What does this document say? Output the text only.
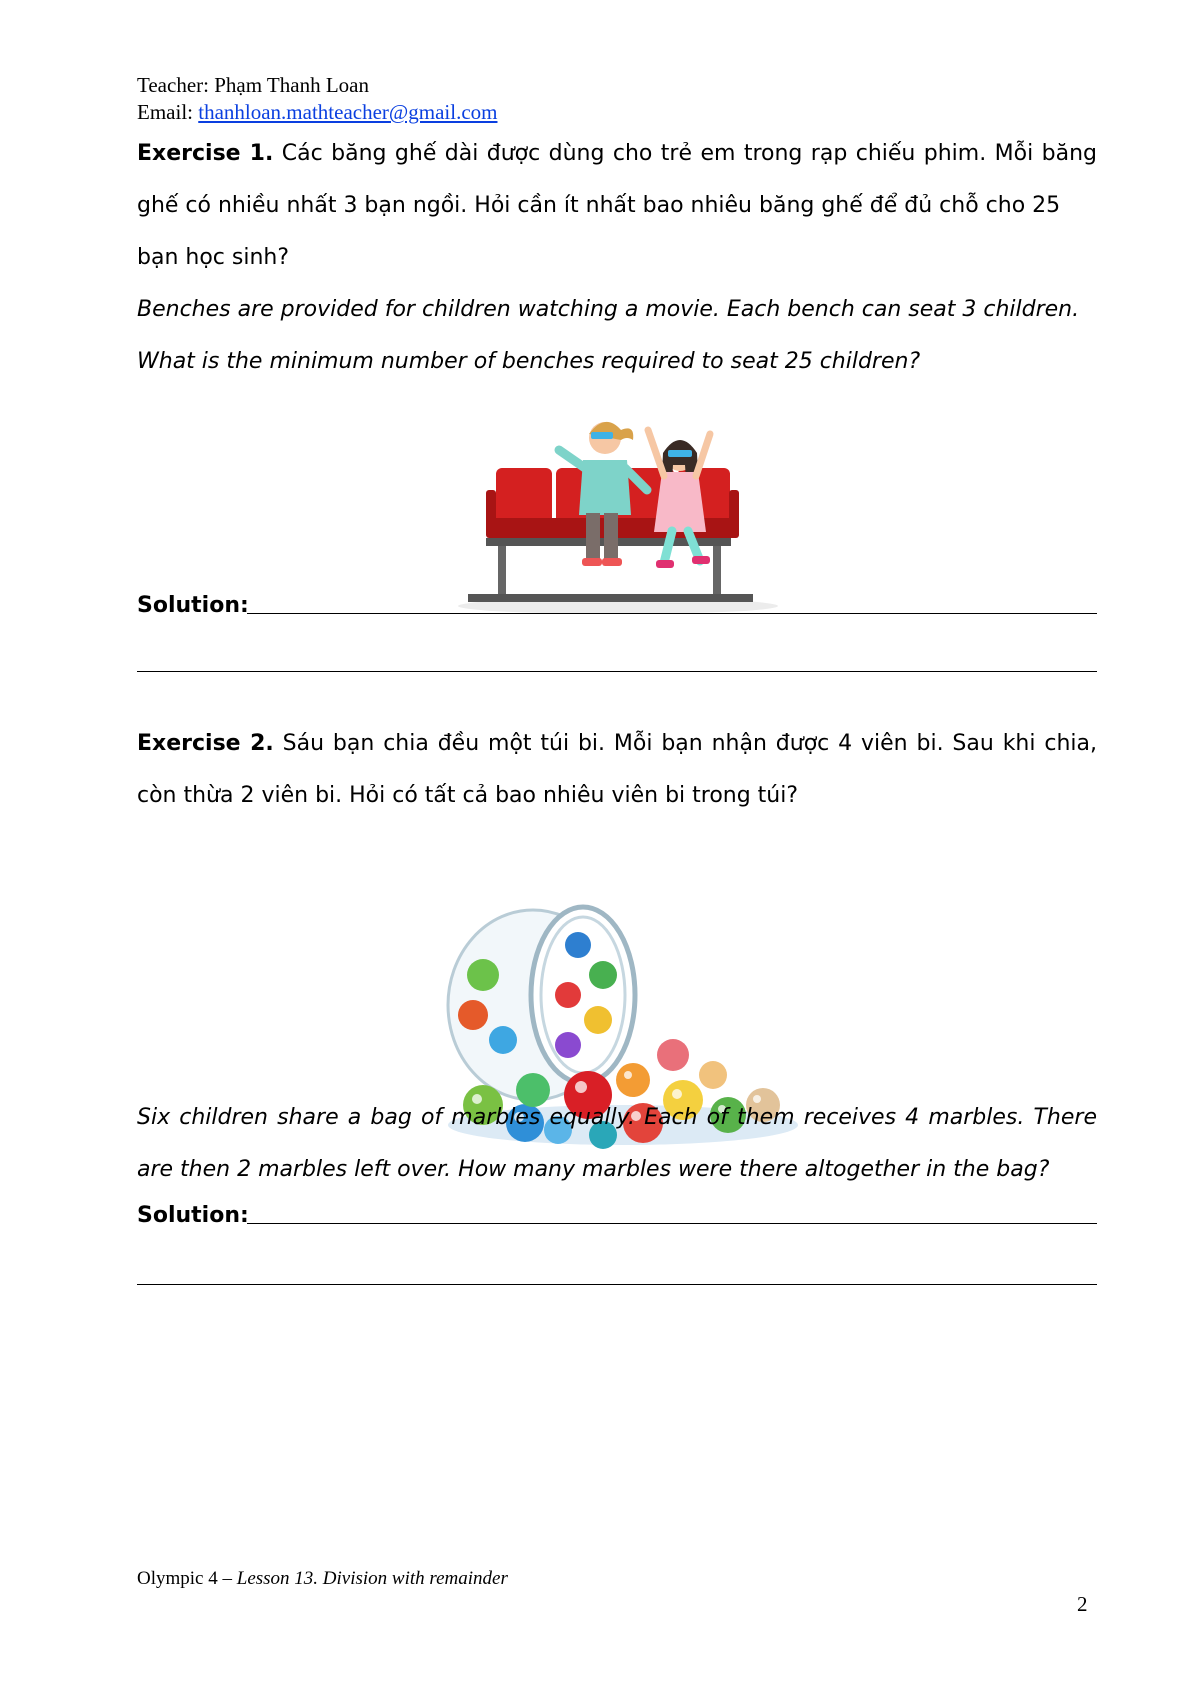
Teacher: Phạm Thanh Loan
Email: thanhloan.mathteacher@gmail.com
Exercise 1. Các băng ghế dài được dùng cho trẻ em trong rạp chiếu phim. Mỗi băng
ghế có nhiều nhất 3 bạn ngồi. Hỏi cần ít nhất bao nhiêu băng ghế để đủ chỗ cho 25
bạn học sinh?
Benches are provided for children watching a movie. Each bench can seat 3 children.
What is the minimum number of benches required to seat 25 children?
Solution:
Exercise 2. Sáu bạn chia đều một túi bi. Mỗi bạn nhận được 4 viên bi. Sau khi chia,
còn thừa 2 viên bi. Hỏi có tất cả bao nhiêu viên bi trong túi?
Six children share a bag of marbles equally. Each of them receives 4 marbles. There
are then 2 marbles left over. How many marbles were there altogether in the bag?
Solution:
Olympic 4 – Lesson 13. Division with remainder
2
